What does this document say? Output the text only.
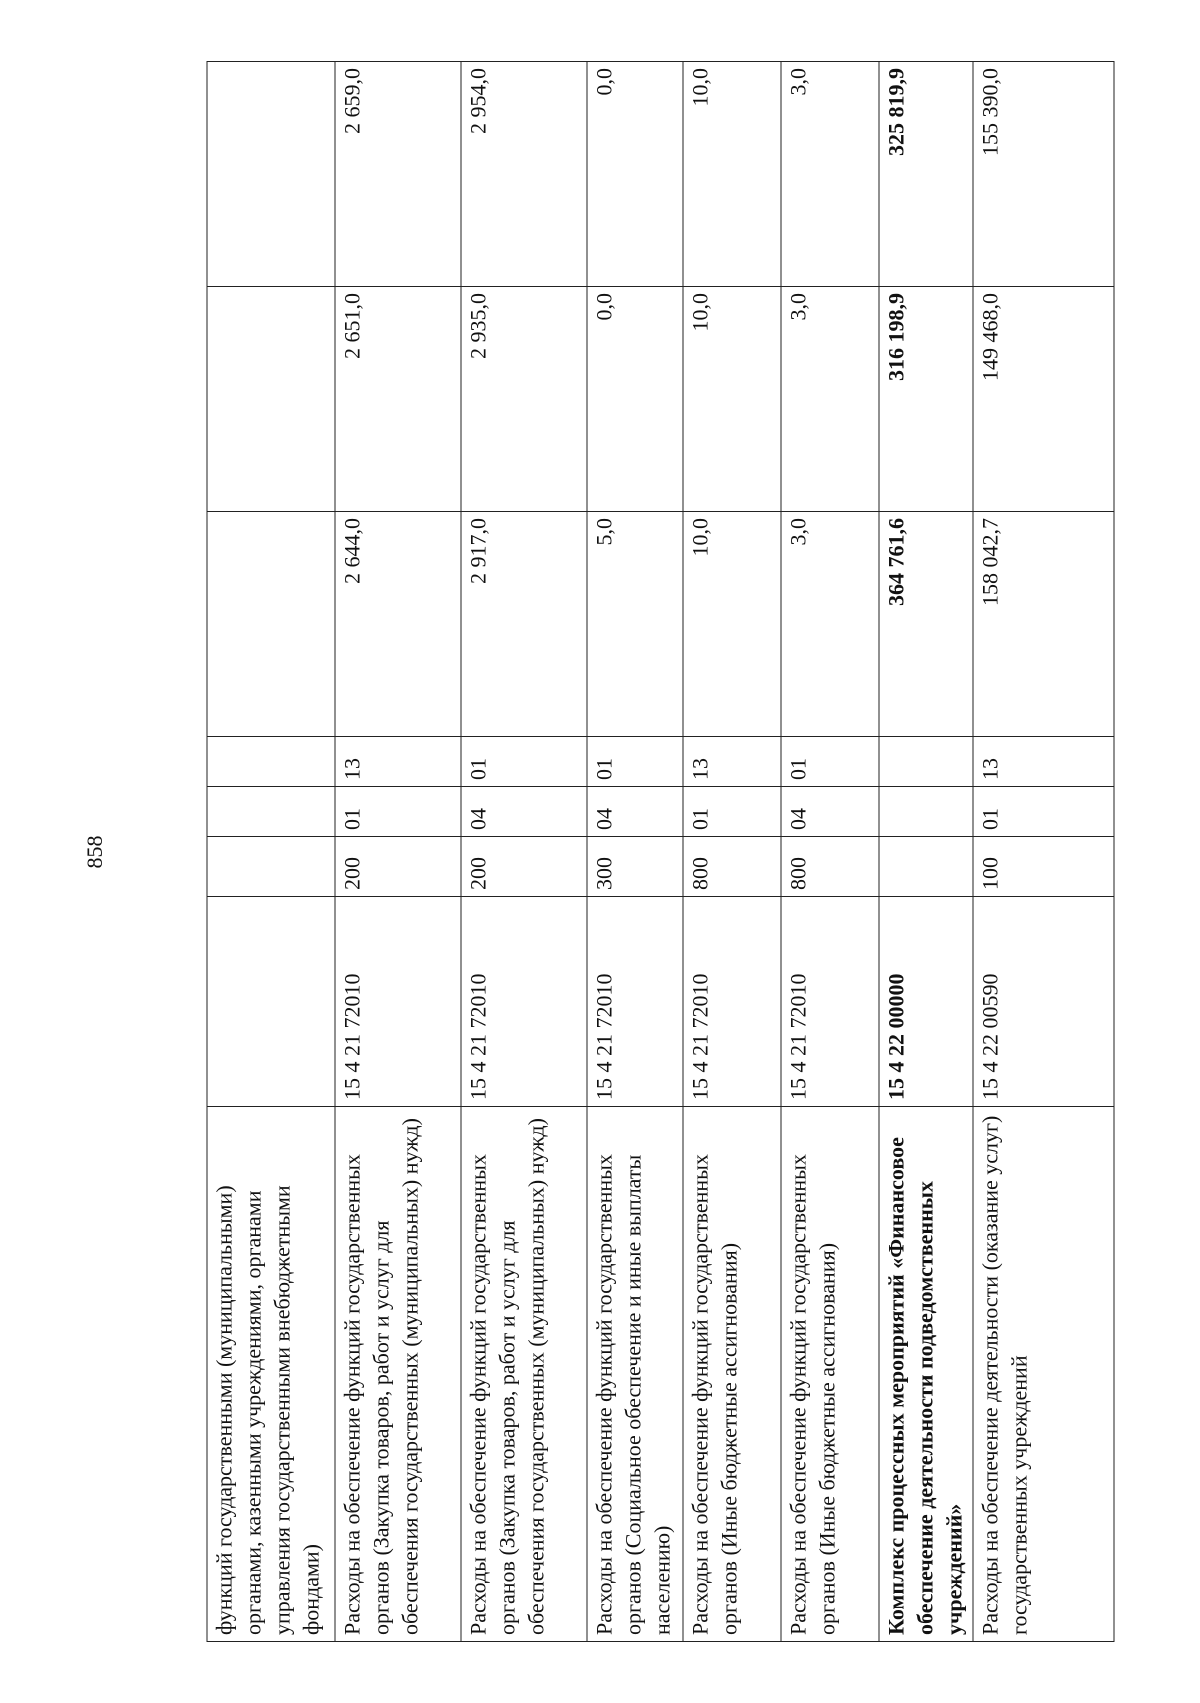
858
функций государственными (муниципальными) органами, казенными учреждениями, органами управления государственными внебюджетными фондами)							
Расходы на обеспечение функций государственных органов (Закупка товаров, работ и услуг для обеспечения государственных (муниципальных) нужд)	15 4 21 72010	200	01	13	2 644,0	2 651,0	2 659,0
Расходы на обеспечение функций государственных органов (Закупка товаров, работ и услуг для обеспечения государственных (муниципальных) нужд)	15 4 21 72010	200	04	01	2 917,0	2 935,0	2 954,0
Расходы на обеспечение функций государственных органов (Социальное обеспечение и иные выплаты населению)	15 4 21 72010	300	04	01	5,0	0,0	0,0
Расходы на обеспечение функций государственных органов (Иные бюджетные ассигнования)	15 4 21 72010	800	01	13	10,0	10,0	10,0
Расходы на обеспечение функций государственных органов (Иные бюджетные ассигнования)	15 4 21 72010	800	04	01	3,0	3,0	3,0
Комплекс процессных мероприятий «Финансовое обеспечение деятельности подведомственных учреждений»	15 4 22 00000				364 761,6	316 198,9	325 819,9
Расходы на обеспечение деятельности (оказание услуг) государственных учреждений	15 4 22 00590	100	01	13	158 042,7	149 468,0	155 390,0
